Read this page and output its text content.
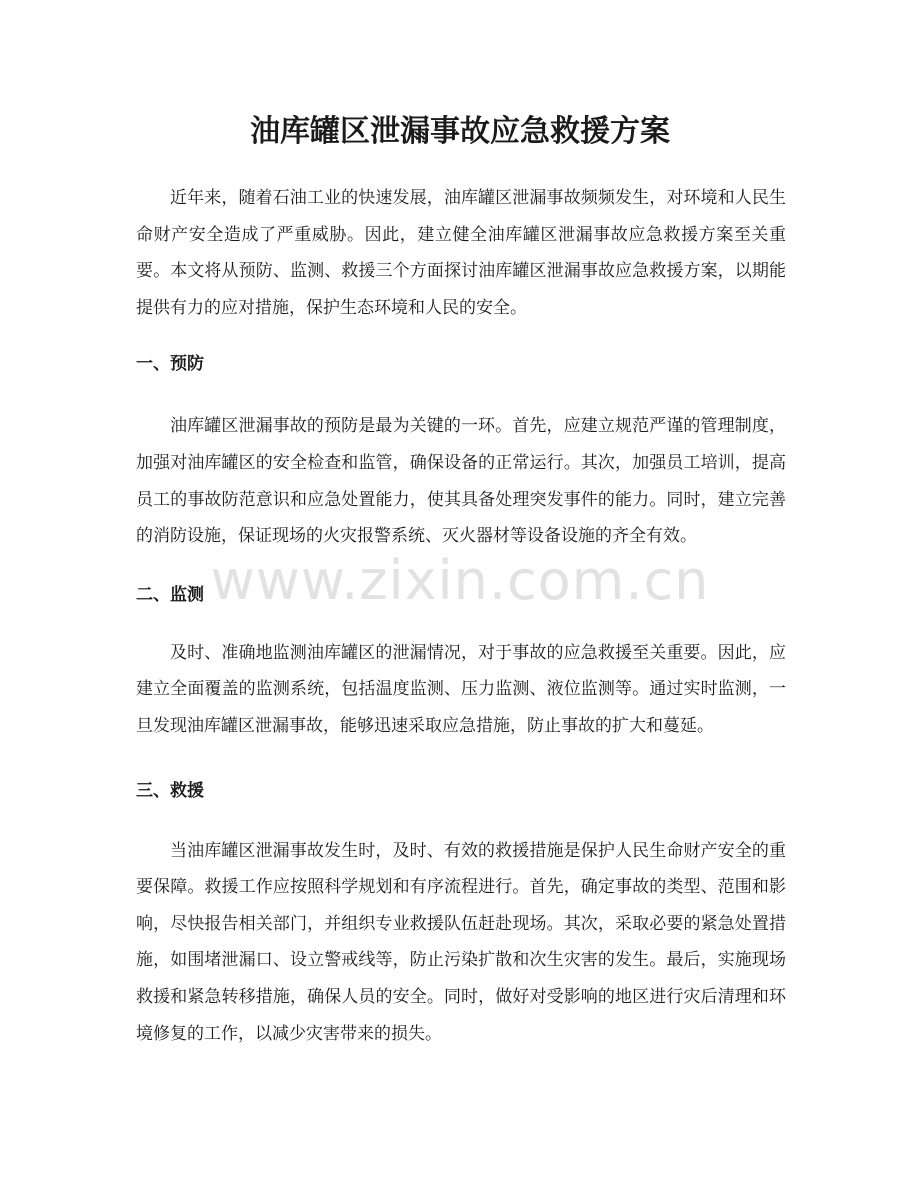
油库罐区泄漏事故应急救援方案

近年来，随着石油工业的快速发展，油库罐区泄漏事故频频发生，对环境和人民生命财产安全造成了严重威胁。因此，建立健全油库罐区泄漏事故应急救援方案至关重要。本文将从预防、监测、救援三个方面探讨油库罐区泄漏事故应急救援方案，以期能提供有力的应对措施，保护生态环境和人民的安全。

一、预防

油库罐区泄漏事故的预防是最为关键的一环。首先，应建立规范严谨的管理制度，加强对油库罐区的安全检查和监管，确保设备的正常运行。其次，加强员工培训，提高员工的事故防范意识和应急处置能力，使其具备处理突发事件的能力。同时，建立完善的消防设施，保证现场的火灾报警系统、灭火器材等设备设施的齐全有效。

二、监测

及时、准确地监测油库罐区的泄漏情况，对于事故的应急救援至关重要。因此，应建立全面覆盖的监测系统，包括温度监测、压力监测、液位监测等。通过实时监测，一旦发现油库罐区泄漏事故，能够迅速采取应急措施，防止事故的扩大和蔓延。

三、救援

当油库罐区泄漏事故发生时，及时、有效的救援措施是保护人民生命财产安全的重要保障。救援工作应按照科学规划和有序流程进行。首先，确定事故的类型、范围和影响，尽快报告相关部门，并组织专业救援队伍赶赴现场。其次，采取必要的紧急处置措施，如围堵泄漏口、设立警戒线等，防止污染扩散和次生灾害的发生。最后，实施现场救援和紧急转移措施，确保人员的安全。同时，做好对受影响的地区进行灾后清理和环境修复的工作，以减少灾害带来的损失。

www.zixin.com.cn
